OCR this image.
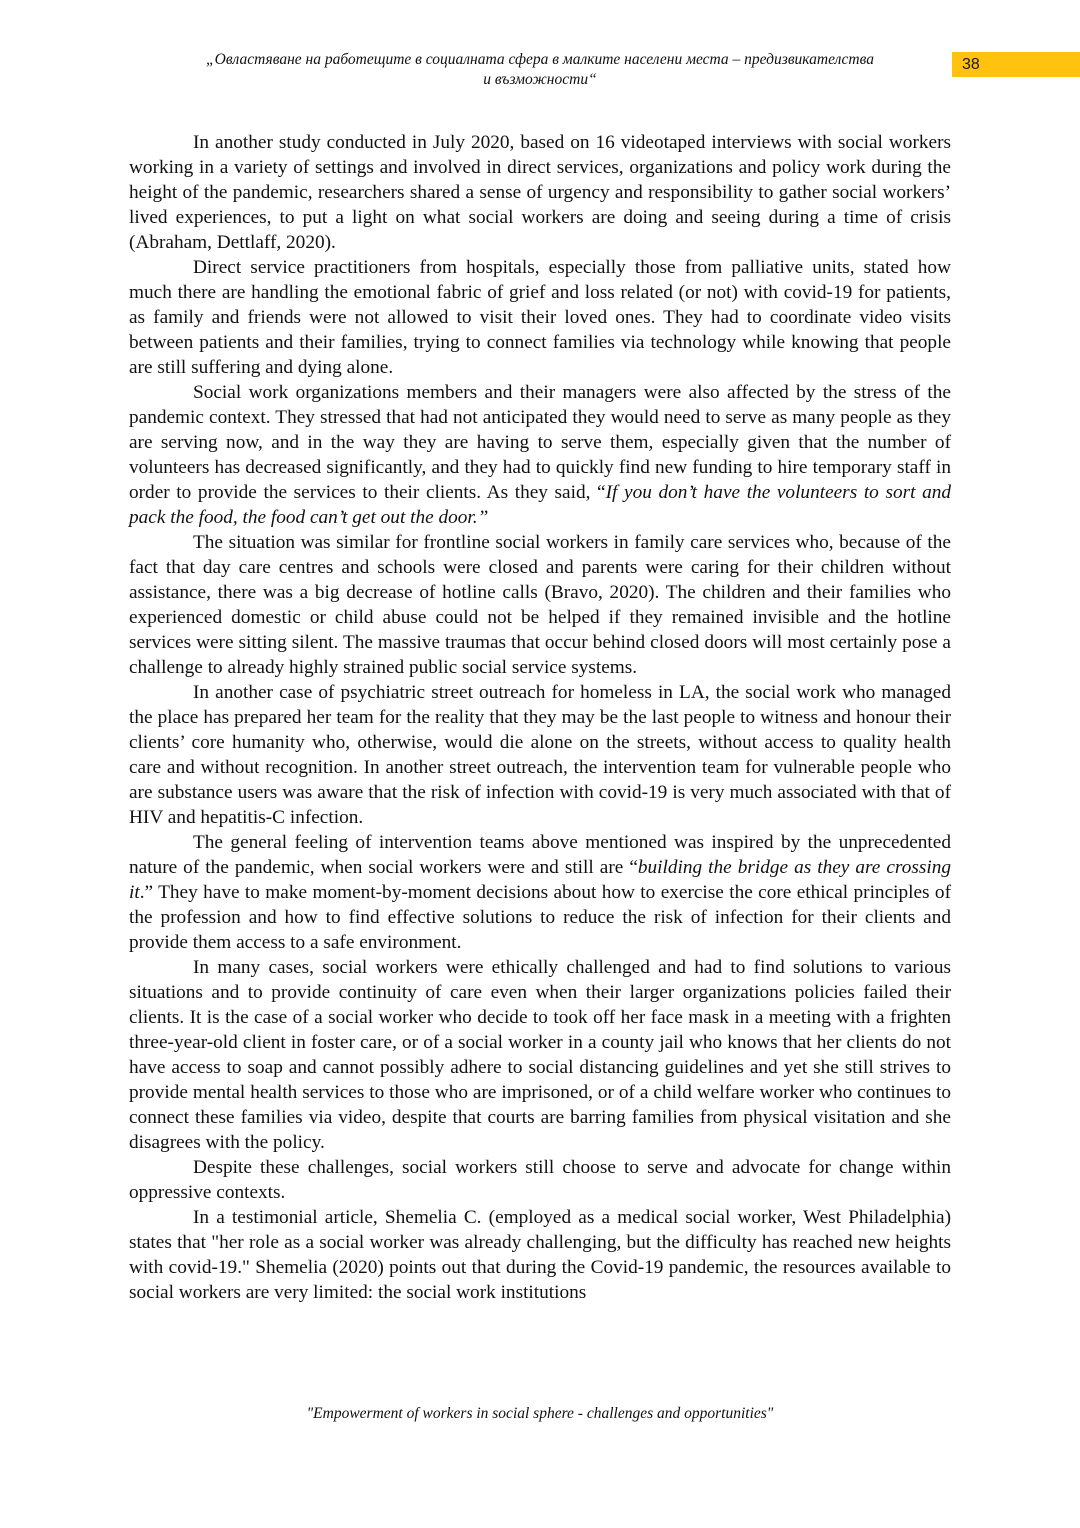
„Овластяване на работещите в социалната сфера в малките населени места – предизвикателства
и възможности“
38

In another study conducted in July 2020, based on 16 videotaped interviews with social workers working in a variety of settings and involved in direct services, organizations and policy work during the height of the pandemic, researchers shared a sense of urgency and responsibility to gather social workers’ lived experiences, to put a light on what social workers are doing and seeing during a time of crisis (Abraham, Dettlaff, 2020).

Direct service practitioners from hospitals, especially those from palliative units, stated how much there are handling the emotional fabric of grief and loss related (or not) with covid-19 for patients, as family and friends were not allowed to visit their loved ones. They had to coordinate video visits between patients and their families, trying to connect families via technology while knowing that people are still suffering and dying alone.

Social work organizations members and their managers were also affected by the stress of the pandemic context. They stressed that had not anticipated they would need to serve as many people as they are serving now, and in the way they are having to serve them, especially given that the number of volunteers has decreased significantly, and they had to quickly find new funding to hire temporary staff in order to provide the services to their clients. As they said, “If you don’t have the volunteers to sort and pack the food, the food can’t get out the door.”

The situation was similar for frontline social workers in family care services who, because of the fact that day care centres and schools were closed and parents were caring for their children without assistance, there was a big decrease of hotline calls (Bravo, 2020). The children and their families who experienced domestic or child abuse could not be helped if they remained invisible and the hotline services were sitting silent. The massive traumas that occur behind closed doors will most certainly pose a challenge to already highly strained public social service systems.

In another case of psychiatric street outreach for homeless in LA, the social work who managed the place has prepared her team for the reality that they may be the last people to witness and honour their clients’ core humanity who, otherwise, would die alone on the streets, without access to quality health care and without recognition. In another street outreach, the intervention team for vulnerable people who are substance users was aware that the risk of infection with covid-19 is very much associated with that of HIV and hepatitis-C infection.

The general feeling of intervention teams above mentioned was inspired by the unprecedented nature of the pandemic, when social workers were and still are “building the bridge as they are crossing it.” They have to make moment-by-moment decisions about how to exercise the core ethical principles of the profession and how to find effective solutions to reduce the risk of infection for their clients and provide them access to a safe environment.

In many cases, social workers were ethically challenged and had to find solutions to various situations and to provide continuity of care even when their larger organizations policies failed their clients. It is the case of a social worker who decide to took off her face mask in a meeting with a frighten three-year-old client in foster care, or of a social worker in a county jail who knows that her clients do not have access to soap and cannot possibly adhere to social distancing guidelines and yet she still strives to provide mental health services to those who are imprisoned, or of a child welfare worker who continues to connect these families via video, despite that courts are barring families from physical visitation and she disagrees with the policy.

Despite these challenges, social workers still choose to serve and advocate for change within oppressive contexts.

In a testimonial article, Shemelia C. (employed as a medical social worker, West Philadelphia) states that "her role as a social worker was already challenging, but the difficulty has reached new heights with covid-19." Shemelia (2020) points out that during the Covid-19 pandemic, the resources available to social workers are very limited: the social work institutions

"Empowerment of workers in social sphere - challenges and opportunities"
